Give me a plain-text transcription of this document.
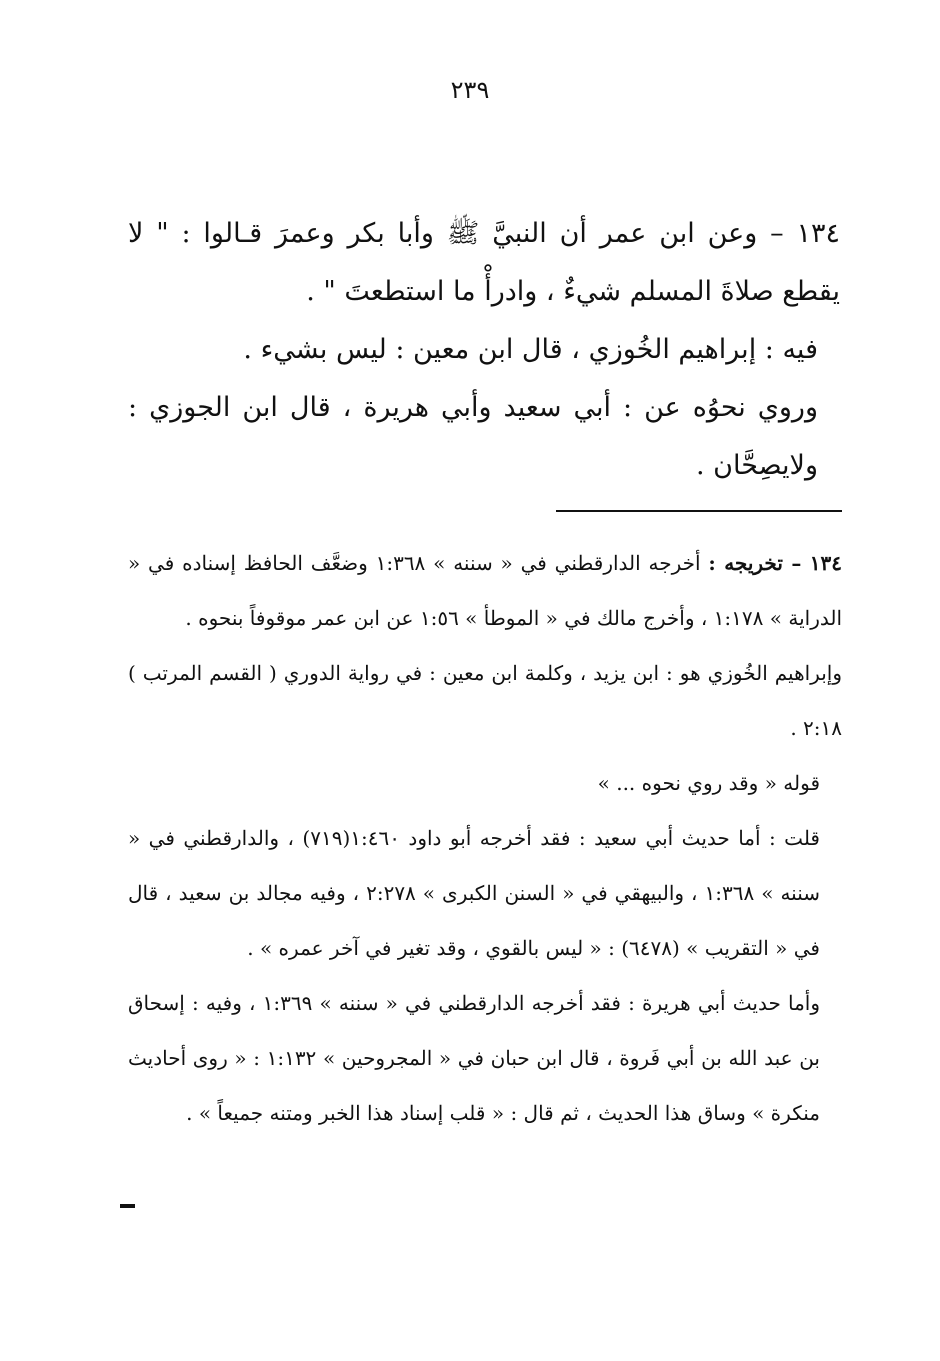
٢٣٩

١٣٤ – وعن ابن عمر أن النبيَّ ﷺ وأبا بكر وعمرَ قـالوا : " لا يقطع صلاةَ المسلم شيءٌ ، وادرأْ ما استطعتَ " .

فيه : إبراهيم الخُوزي ، قال ابن معين : ليس بشيء .

وروي نحوُه عن : أبي سعيد وأبي هريرة ، قال ابن الجوزي : ولايصِحَّان .

١٣٤ – تخريجه : أخرجه الدارقطني في « سننه » ١:٣٦٨ وضعَّف الحافظ إسناده في « الدراية » ١:١٧٨ ، وأخرج مالك في « الموطأ » ١:٥٦ عن ابن عمر موقوفاً بنحوه .

وإبراهيم الخُوزي هو : ابن يزيد ، وكلمة ابن معين : في رواية الدوري ( القسم المرتب ) ٢:١٨ .

قوله « وقد روي نحوه ... »

قلت : أما حديث أبي سعيد : فقد أخرجه أبو داود ١:٤٦٠(٧١٩) ، والدارقطني في « سننه » ١:٣٦٨ ، والبيهقي في « السنن الكبرى » ٢:٢٧٨ ، وفيه مجالد بن سعيد ، قال في « التقريب » (٦٤٧٨) : « ليس بالقوي ، وقد تغير في آخر عمره » .

وأما حديث أبي هريرة : فقد أخرجه الدارقطني في « سننه » ١:٣٦٩ ، وفيه : إسحاق بن عبد الله بن أبي فَروة ، قال ابن حبان في « المجروحين » ١:١٣٢ : « روى أحاديث منكرة » وساق هذا الحديث ، ثم قال : « قلب إسناد هذا الخبر ومتنه جميعاً » .
